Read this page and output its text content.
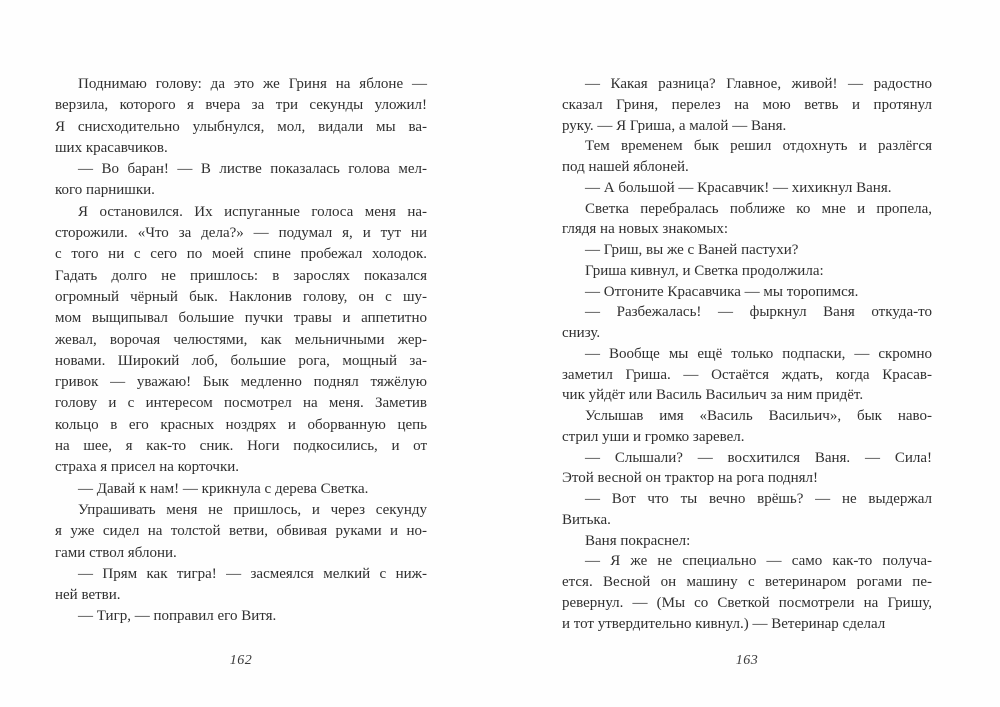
Поднимаю голову: да это же Гриня на яблоне —
верзила, которого я вчера за три секунды уложил!
Я снисходительно улыбнулся, мол, видали мы ва-
ших красавчиков.
— Во баран! — В листве показалась голова мел-
кого парнишки.
Я остановился. Их испуганные голоса меня на-
сторожили. «Что за дела?» — подумал я, и тут ни
с того ни с сего по моей спине пробежал холодок.
Гадать долго не пришлось: в зарослях показался
огромный чёрный бык. Наклонив голову, он с шу-
мом выщипывал большие пучки травы и аппетитно
жевал, ворочая челюстями, как мельничными жер-
новами. Широкий лоб, большие рога, мощный за-
гривок — уважаю! Бык медленно поднял тяжёлую
голову и с интересом посмотрел на меня. Заметив
кольцо в его красных ноздрях и оборванную цепь
на шее, я как-то сник. Ноги подкосились, и от
страха я присел на корточки.
— Давай к нам! — крикнула с дерева Светка.
Упрашивать меня не пришлось, и через секунду
я уже сидел на толстой ветви, обвивая руками и но-
гами ствол яблони.
— Прям как тигра! — засмеялся мелкий с ниж-
ней ветви.
— Тигр, — поправил его Витя.
162
— Какая разница? Главное, живой! — радостно
сказал Гриня, перелез на мою ветвь и протянул
руку. — Я Гриша, а малой — Ваня.
Тем временем бык решил отдохнуть и разлёгся
под нашей яблоней.
— А большой — Красавчик! — хихикнул Ваня.
Светка перебралась поближе ко мне и пропела,
глядя на новых знакомых:
— Гриш, вы же с Ваней пастухи?
Гриша кивнул, и Светка продолжила:
— Отгоните Красавчика — мы торопимся.
— Разбежалась! — фыркнул Ваня откуда-то
снизу.
— Вообще мы ещё только подпаски, — скромно
заметил Гриша. — Остаётся ждать, когда Красав-
чик уйдёт или Василь Васильич за ним придёт.
Услышав имя «Василь Васильич», бык наво-
стрил уши и громко заревел.
— Слышали? — восхитился Ваня. — Сила!
Этой весной он трактор на рога поднял!
— Вот что ты вечно врёшь? — не выдержал
Витька.
Ваня покраснел:
— Я же не специально — само как-то получа-
ется. Весной он машину с ветеринаром рогами пе-
ревернул. — (Мы со Светкой посмотрели на Гришу,
и тот утвердительно кивнул.) — Ветеринар сделал
163
